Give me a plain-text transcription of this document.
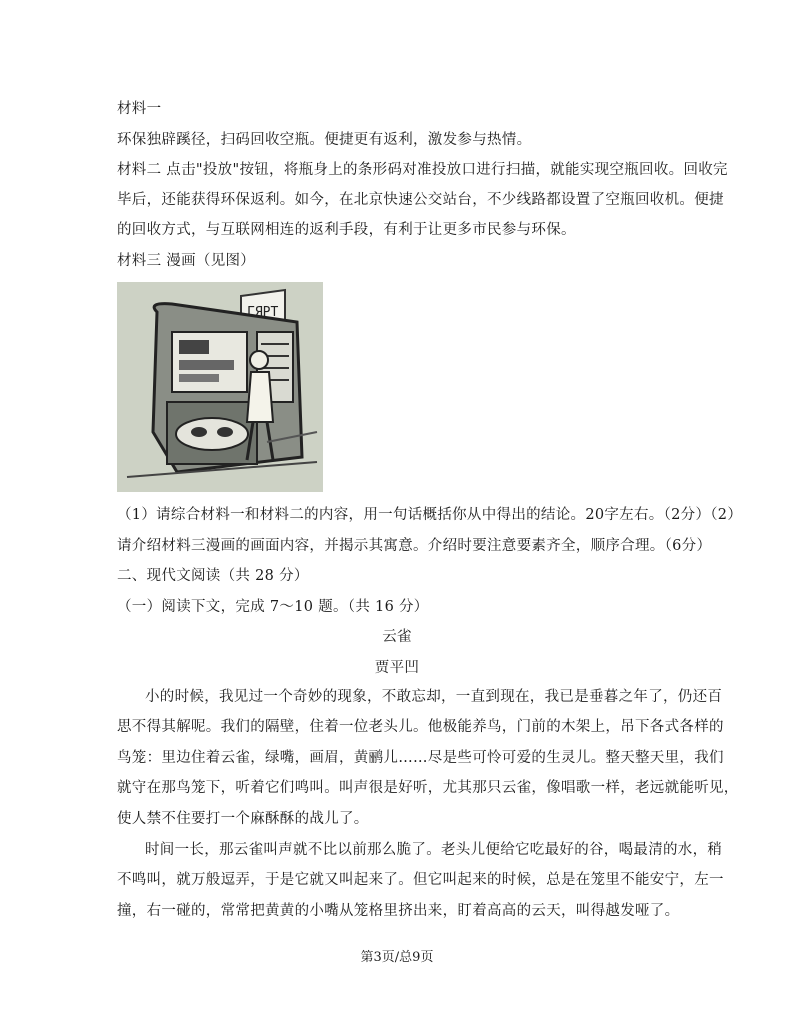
材料一
环保独辟蹊径，扫码回收空瓶。便捷更有返利，激发参与热情。
材料二 点击"投放"按钮，将瓶身上的条形码对准投放口进行扫描，就能实现空瓶回收。回收完
毕后，还能获得环保返利。如今，在北京快速公交站台，不少线路都设置了空瓶回收机。便捷
的回收方式，与互联网相连的返利手段，有利于让更多市民参与环保。
材料三 漫画（见图）
ГЯРТ
（1）请综合材料一和材料二的内容，用一句话概括你从中得出的结论。20字左右。（2分）（2）
请介绍材料三漫画的画面内容，并揭示其寓意。介绍时要注意要素齐全，顺序合理。（6分）
二、现代文阅读（共 28 分）
（一）阅读下文，完成 7～10 题。（共 16 分）
云雀
贾平凹
小的时候，我见过一个奇妙的现象，不敢忘却，一直到现在，我已是垂暮之年了，仍还百
思不得其解呢。我们的隔壁，住着一位老头儿。他极能养鸟，门前的木架上，吊下各式各样的
鸟笼：里边住着云雀，绿嘴，画眉，黄鹂儿……尽是些可怜可爱的生灵儿。整天整天里，我们
就守在那鸟笼下，听着它们鸣叫。叫声很是好听，尤其那只云雀，像唱歌一样，老远就能听见，
使人禁不住要打一个麻酥酥的战儿了。
时间一长，那云雀叫声就不比以前那么脆了。老头儿便给它吃最好的谷，喝最清的水，稍
不鸣叫，就万般逗弄，于是它就又叫起来了。但它叫起来的时候，总是在笼里不能安宁，左一
撞，右一碰的，常常把黄黄的小嘴从笼格里挤出来，盯着高高的云天，叫得越发哑了。
第3页/总9页
